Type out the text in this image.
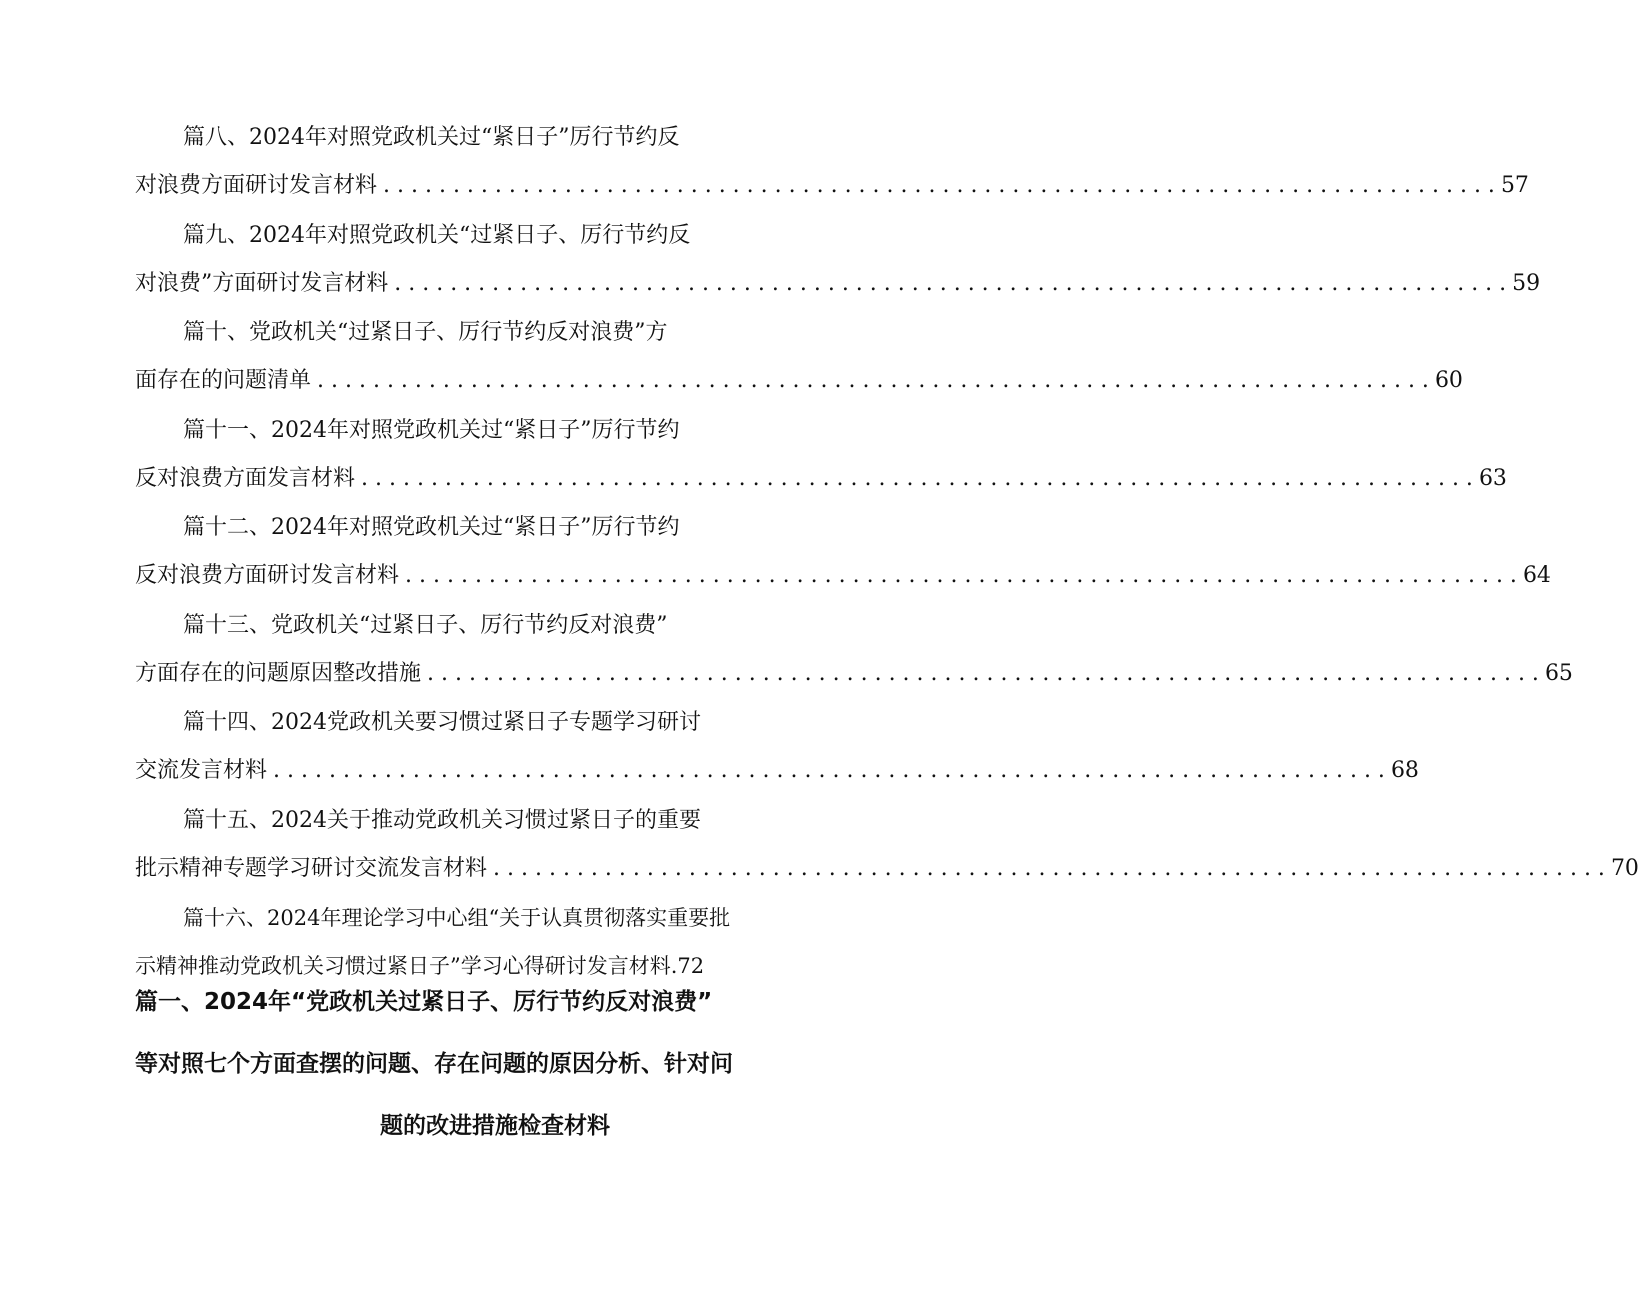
篇八、2024年对照党政机关过“紧日子”厉行节约反
对浪费方面研讨发言材料 . . . . . . . . . . . . . . . . . . . . . . . . . . . . . . . . . . . . . . . . . . . . . . . . . . . . . . . . . . . . . . . . . . . . . . . . . . . . . . . . 57
篇九、2024年对照党政机关“过紧日子、厉行节约反
对浪费”方面研讨发言材料 . . . . . . . . . . . . . . . . . . . . . . . . . . . . . . . . . . . . . . . . . . . . . . . . . . . . . . . . . . . . . . . . . . . . . . . . . . . . . . . . 59
篇十、党政机关“过紧日子、厉行节约反对浪费”方
面存在的问题清单 . . . . . . . . . . . . . . . . . . . . . . . . . . . . . . . . . . . . . . . . . . . . . . . . . . . . . . . . . . . . . . . . . . . . . . . . . . . . . . . . 60
篇十一、2024年对照党政机关过“紧日子”厉行节约
反对浪费方面发言材料 . . . . . . . . . . . . . . . . . . . . . . . . . . . . . . . . . . . . . . . . . . . . . . . . . . . . . . . . . . . . . . . . . . . . . . . . . . . . . . . . 63
篇十二、2024年对照党政机关过“紧日子”厉行节约
反对浪费方面研讨发言材料 . . . . . . . . . . . . . . . . . . . . . . . . . . . . . . . . . . . . . . . . . . . . . . . . . . . . . . . . . . . . . . . . . . . . . . . . . . . . . . . . 64
篇十三、党政机关“过紧日子、厉行节约反对浪费”
方面存在的问题原因整改措施 . . . . . . . . . . . . . . . . . . . . . . . . . . . . . . . . . . . . . . . . . . . . . . . . . . . . . . . . . . . . . . . . . . . . . . . . . . . . . . . . 65
篇十四、2024党政机关要习惯过紧日子专题学习研讨
交流发言材料 . . . . . . . . . . . . . . . . . . . . . . . . . . . . . . . . . . . . . . . . . . . . . . . . . . . . . . . . . . . . . . . . . . . . . . . . . . . . . . . . 68
篇十五、2024关于推动党政机关习惯过紧日子的重要
批示精神专题学习研讨交流发言材料 . . . . . . . . . . . . . . . . . . . . . . . . . . . . . . . . . . . . . . . . . . . . . . . . . . . . . . . . . . . . . . . . . . . . . . . . . . . . . . . . 70
篇十六、2024年理论学习中心组“关于认真贯彻落实重要批
示精神推动党政机关习惯过紧日子”学习心得研讨发言材料. 72
篇一、2024年“党政机关过紧日子、厉行节约反对浪费”
等对照七个方面查摆的问题、存在问题的原因分析、针对问
题的改进措施检查材料
